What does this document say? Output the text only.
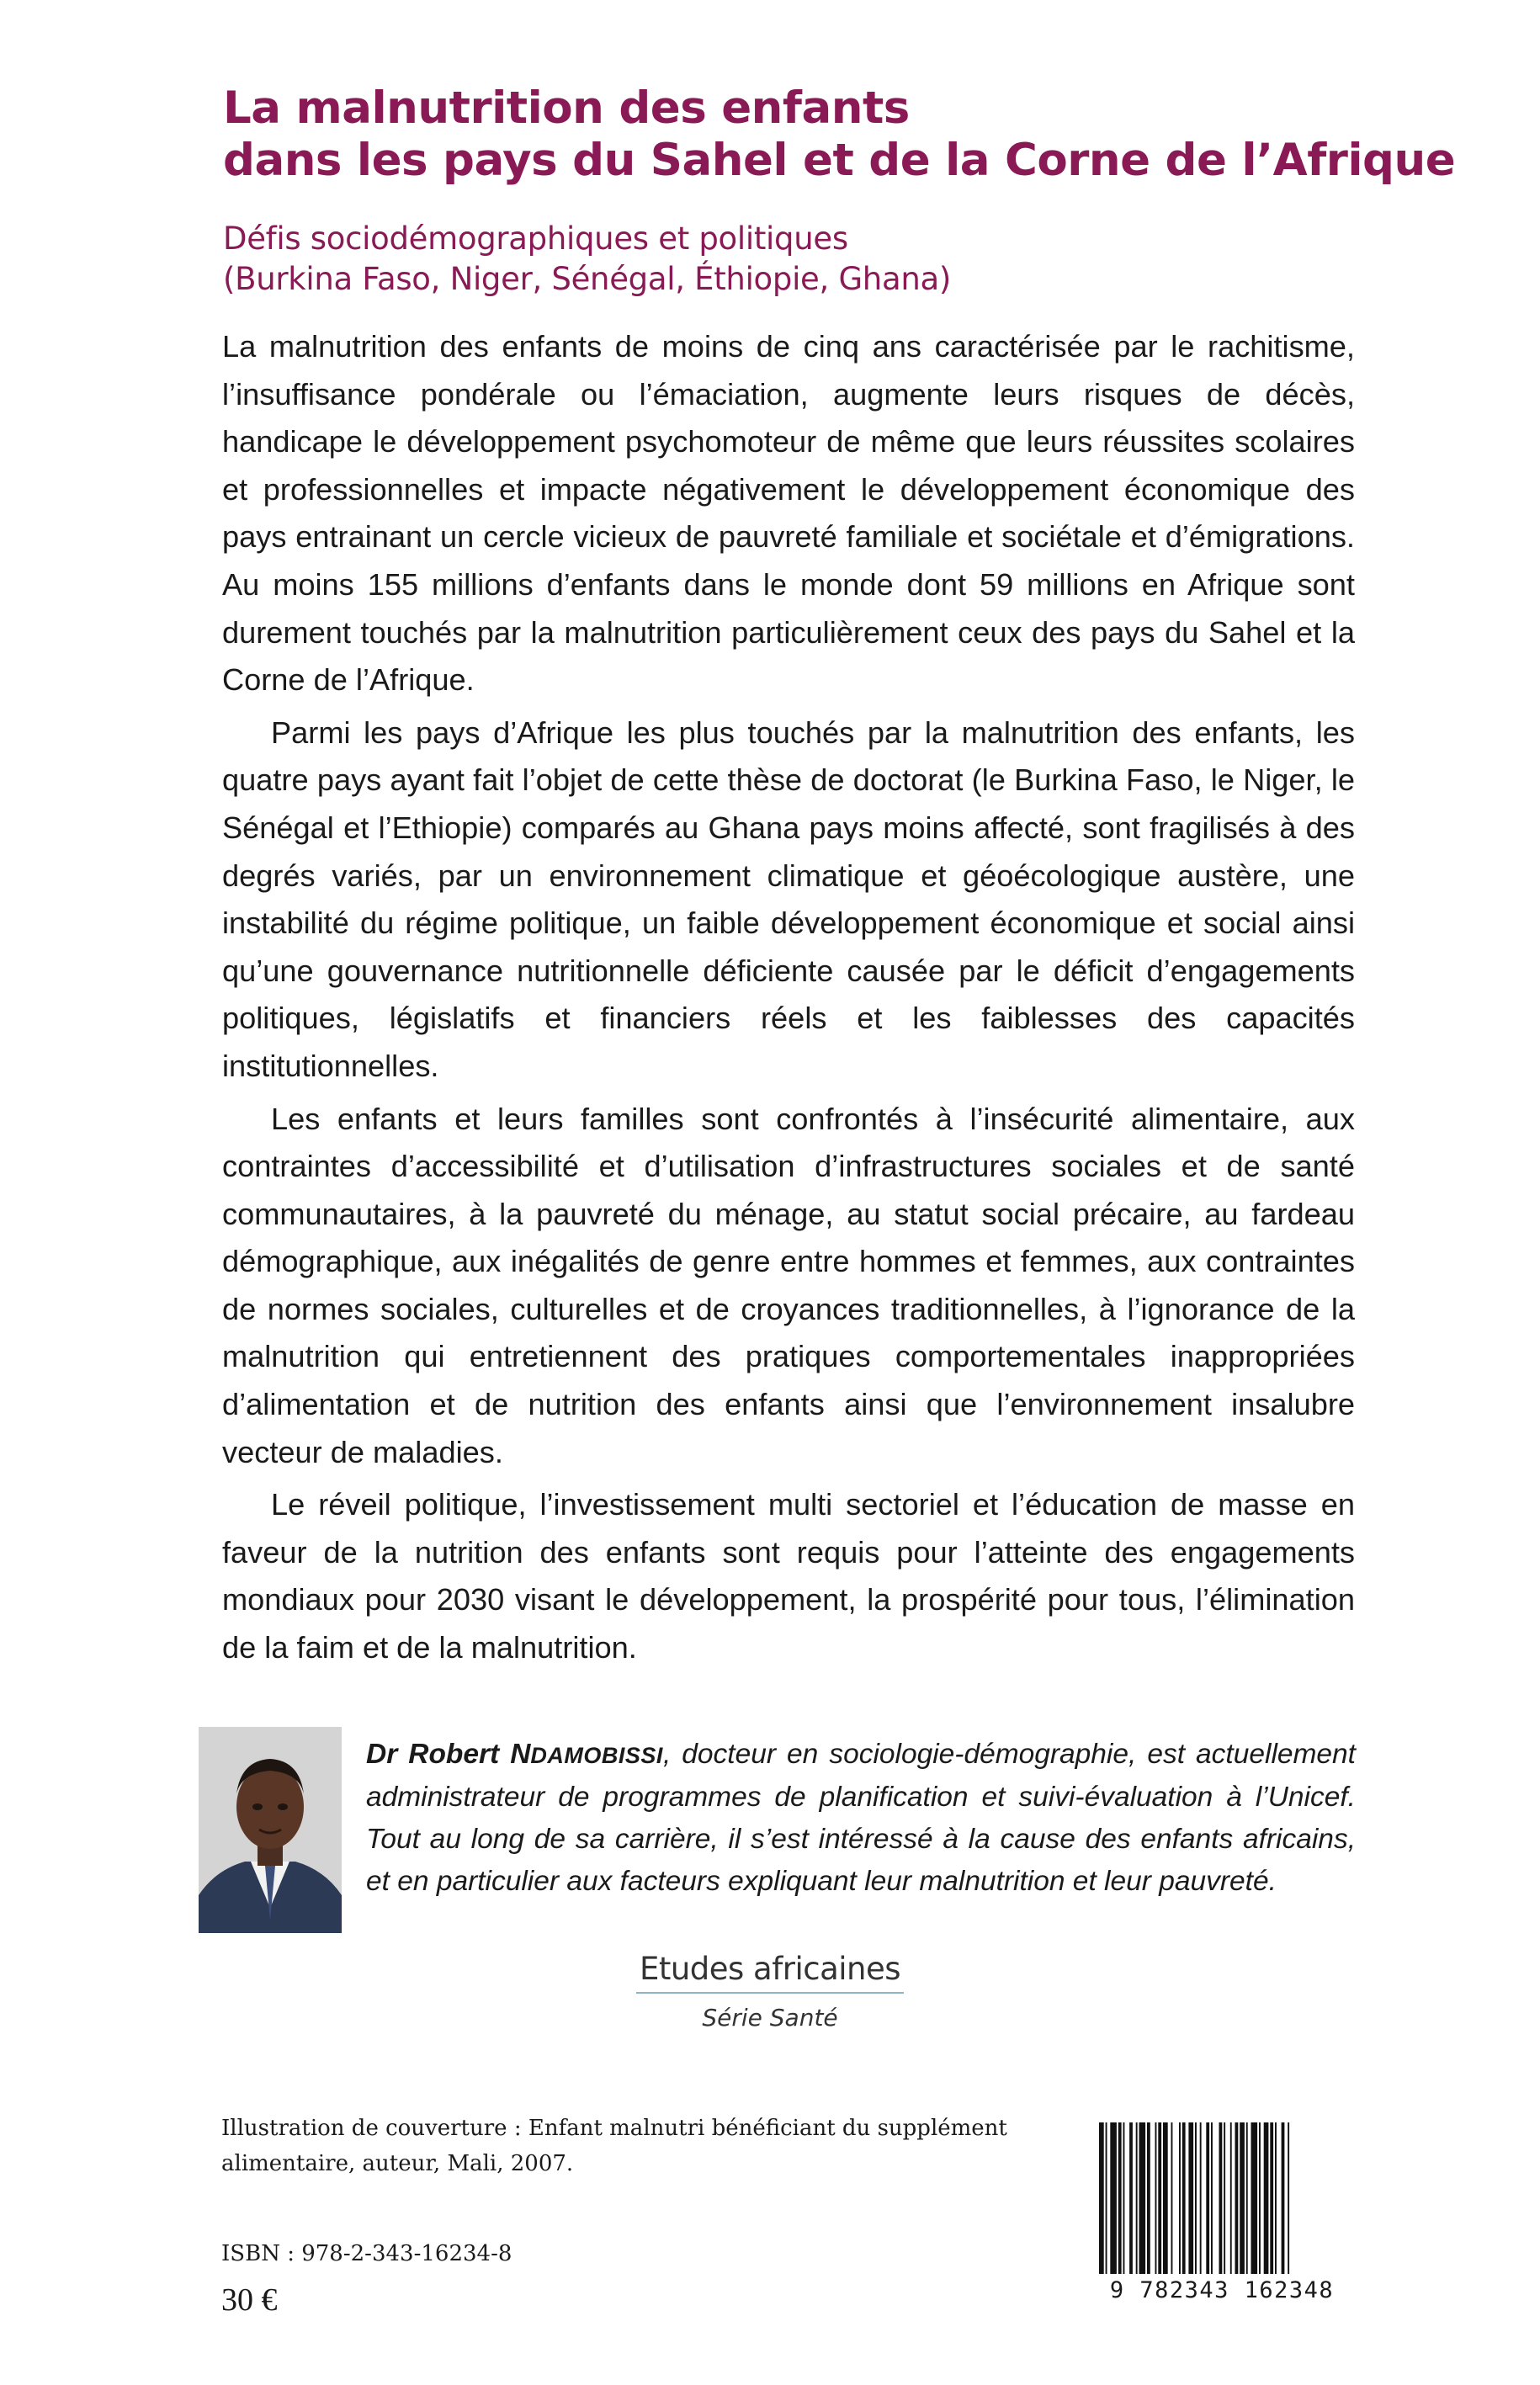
La malnutrition des enfants
dans les pays du Sahel et de la Corne de l’Afrique
Défis sociodémographiques et politiques
(Burkina Faso, Niger, Sénégal, Éthiopie, Ghana)

La malnutrition des enfants de moins de cinq ans caractérisée par le rachitisme, l’insuffisance pondérale ou l’émaciation, augmente leurs risques de décès, handicape le développement psychomoteur de même que leurs réussites scolaires et professionnelles et impacte négativement le développement économique des pays entrainant un cercle vicieux de pauvreté familiale et sociétale et d’émigrations. Au moins 155 millions d’enfants dans le monde dont 59 millions en Afrique sont durement touchés par la malnutrition particulièrement ceux des pays du Sahel et la Corne de l’Afrique.

Parmi les pays d’Afrique les plus touchés par la malnutrition des enfants, les quatre pays ayant fait l’objet de cette thèse de doctorat (le Burkina Faso, le Niger, le Sénégal et l’Ethiopie) comparés au Ghana pays moins affecté, sont fragilisés à des degrés variés, par un environnement climatique et géoécologique austère, une instabilité du régime politique, un faible développement économique et social ainsi qu’une gouvernance nutritionnelle déficiente causée par le déficit d’engagements politiques, législatifs et financiers réels et les faiblesses des capacités institutionnelles.

Les enfants et leurs familles sont confrontés à l’insécurité alimentaire, aux contraintes d’accessibilité et d’utilisation d’infrastructures sociales et de santé communautaires, à la pauvreté du ménage, au statut social précaire, au fardeau démographique, aux inégalités de genre entre hommes et femmes, aux contraintes de normes sociales, culturelles et de croyances traditionnelles, à l’ignorance de la malnutrition qui entretiennent des pratiques comportementales inappropriées d’alimentation et de nutrition des enfants ainsi que l’environnement insalubre vecteur de maladies.

Le réveil politique, l’investissement multi sectoriel et l’éducation de masse en faveur de la nutrition des enfants sont requis pour l’atteinte des engagements mondiaux pour 2030 visant le développement, la prospérité pour tous, l’élimination de la faim et de la malnutrition.

Dr Robert NDAMOBISSI, docteur en sociologie-démographie, est actuellement administrateur de programmes de planification et suivi-évaluation à l’Unicef. Tout au long de sa carrière, il s’est intéressé à la cause des enfants africains, et en particulier aux facteurs expliquant leur malnutrition et leur pauvreté.
Etudes africaines
Série Santé
Illustration de couverture : Enfant malnutri bénéficiant du supplément
alimentaire, auteur, Mali, 2007.
ISBN : 978-2-343-16234-8
30 €	9 782343 162348
